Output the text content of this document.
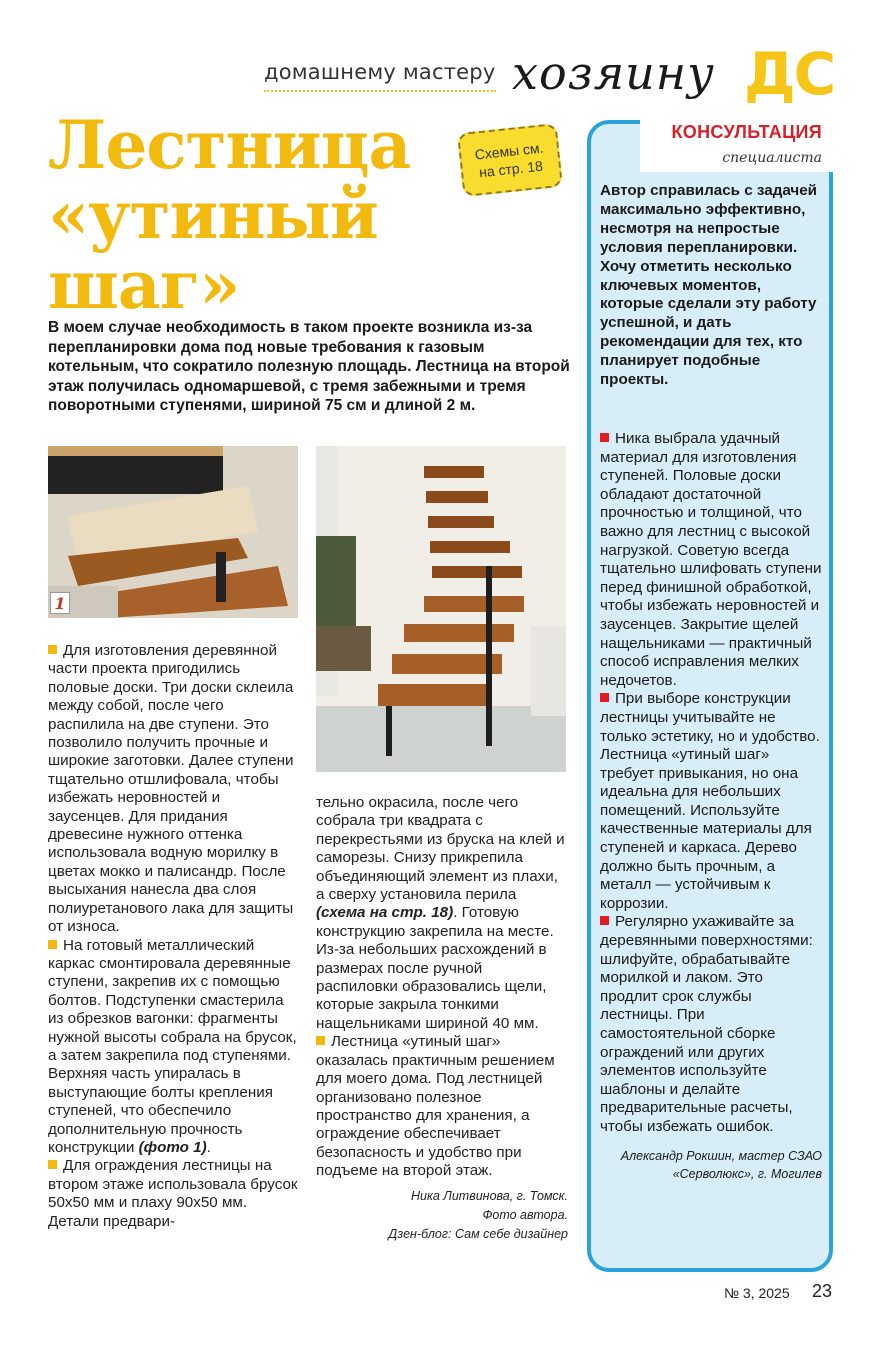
домашнему мастеру хозяину ДС
Лестница
«утиный
шаг»
Схемы см.
на стр. 18
В моем случае необходимость в таком проекте возникла из-за перепланировки дома под новые требования к газовым котельным, что сократило полезную площадь. Лестница на второй этаж получилась одномаршевой, с тремя забежными и тремя поворотными ступенями, шириной 75 см и длиной 2 м.
1

Для изготовления деревянной части проекта пригодились половые доски. Три доски склеила между собой, после чего распилила на две ступени. Это позволило получить прочные и широкие заготовки. Далее ступени тщательно отшлифовала, чтобы избежать неровностей и заусенцев. Для придания древесине нужного оттенка использовала водную морилку в цветах мокко и палисандр. После высыхания нанесла два слоя полиуретанового лака для защиты от износа.

На готовый металлический каркас смонтировала деревянные ступени, закрепив их с помощью болтов. Подступенки смастерила из обрезков вагонки: фрагменты нужной высоты собрала на брусок, а затем закрепила под ступенями. Верхняя часть упиралась в выступающие болты крепления ступеней, что обеспечило дополнительную прочность конструкции (фото 1).

Для ограждения лестницы на втором этаже использовала брусок 50х50 мм и плаху 90х50 мм. Детали предвари-

тельно окрасила, после чего собрала три квадрата с перекрестьями из бруска на клей и саморезы. Снизу прикрепила объединяющий элемент из плахи, а сверху установила перила (схема на стр. 18). Готовую конструкцию закрепила на месте. Из-за небольших расхождений в размерах после ручной распиловки образовались щели, которые закрыла тонкими нащельниками шириной 40 мм.

Лестница «утиный шаг» оказалась практичным решением для моего дома. Под лестницей организовано полезное пространство для хранения, а ограждение обеспечивает безопасность и удобство при подъеме на второй этаж.

Ника Литвинова, г. Томск.
Фото автора.
Дзен-блог: Сам себе дизайнер
КОНСУЛЬТАЦИЯ
специалиста
Автор справилась с задачей максимально эффективно, несмотря на непростые условия перепланировки. Хочу отметить несколько ключевых моментов, которые сделали эту работу успешной, и дать рекомендации для тех, кто планирует подобные проекты.

Ника выбрала удачный материал для изготовления ступеней. Половые доски обладают достаточной прочностью и толщиной, что важно для лестниц с высокой нагрузкой. Советую всегда тщательно шлифовать ступени перед финишной обработкой, чтобы избежать неровностей и заусенцев. Закрытие щелей нащельниками — практичный способ исправления мелких недочетов.

При выборе конструкции лестницы учитывайте не только эстетику, но и удобство. Лестница «утиный шаг» требует привыкания, но она идеальна для небольших помещений. Используйте качественные материалы для ступеней и каркаса. Дерево должно быть прочным, а металл — устойчивым к коррозии.

Регулярно ухаживайте за деревянными поверхностями: шлифуйте, обрабатывайте морилкой и лаком. Это продлит срок службы лестницы. При самостоятельной сборке ограждений или других элементов используйте шаблоны и делайте предварительные расчеты, чтобы избежать ошибок.

Александр Рокшин, мастер СЗАО
«Серволюкс», г. Могилев
№ 3, 2025 23
